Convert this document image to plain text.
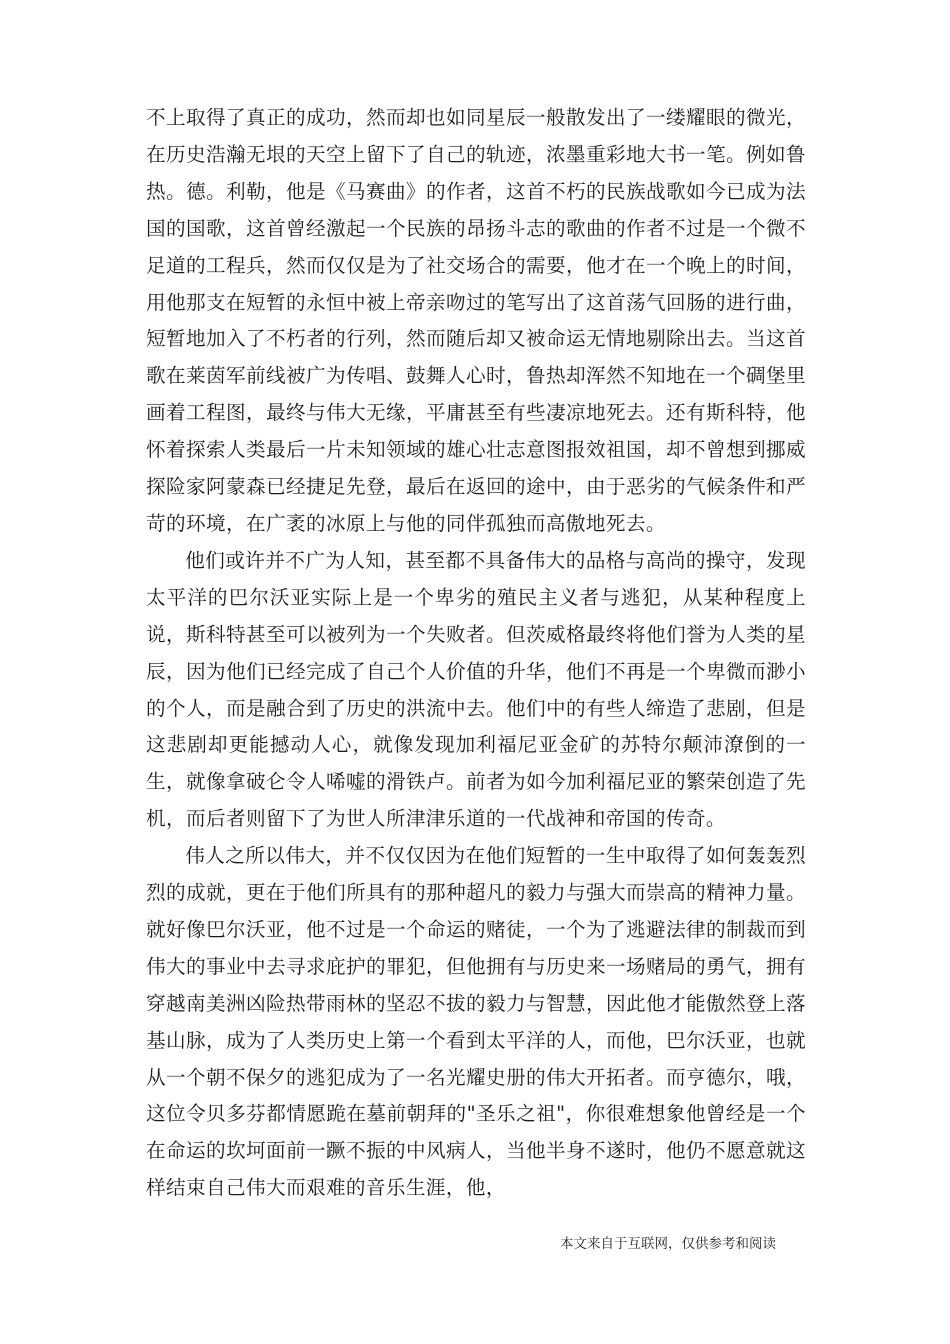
不上取得了真正的成功，然而却也如同星辰一般散发出了一缕耀眼的微光，在历史浩瀚无垠的天空上留下了自己的轨迹，浓墨重彩地大书一笔。例如鲁热。德。利勒，他是《马赛曲》的作者，这首不朽的民族战歌如今已成为法国的国歌，这首曾经激起一个民族的昂扬斗志的歌曲的作者不过是一个微不足道的工程兵，然而仅仅是为了社交场合的需要，他才在一个晚上的时间，用他那支在短暂的永恒中被上帝亲吻过的笔写出了这首荡气回肠的进行曲，短暂地加入了不朽者的行列，然而随后却又被命运无情地剔除出去。当这首歌在莱茵军前线被广为传唱、鼓舞人心时，鲁热却浑然不知地在一个碉堡里画着工程图，最终与伟大无缘，平庸甚至有些凄凉地死去。还有斯科特，他怀着探索人类最后一片未知领域的雄心壮志意图报效祖国，却不曾想到挪威探险家阿蒙森已经捷足先登，最后在返回的途中，由于恶劣的气候条件和严苛的环境，在广袤的冰原上与他的同伴孤独而高傲地死去。

他们或许并不广为人知，甚至都不具备伟大的品格与高尚的操守，发现太平洋的巴尔沃亚实际上是一个卑劣的殖民主义者与逃犯，从某种程度上说，斯科特甚至可以被列为一个失败者。但茨威格最终将他们誉为人类的星辰，因为他们已经完成了自己个人价值的升华，他们不再是一个卑微而渺小的个人，而是融合到了历史的洪流中去。他们中的有些人缔造了悲剧，但是这悲剧却更能撼动人心，就像发现加利福尼亚金矿的苏特尔颠沛潦倒的一生，就像拿破仑令人唏嘘的滑铁卢。前者为如今加利福尼亚的繁荣创造了先机，而后者则留下了为世人所津津乐道的一代战神和帝国的传奇。

伟人之所以伟大，并不仅仅因为在他们短暂的一生中取得了如何轰轰烈烈的成就，更在于他们所具有的那种超凡的毅力与强大而崇高的精神力量。就好像巴尔沃亚，他不过是一个命运的赌徒，一个为了逃避法律的制裁而到伟大的事业中去寻求庇护的罪犯，但他拥有与历史来一场赌局的勇气，拥有穿越南美洲凶险热带雨林的坚忍不拔的毅力与智慧，因此他才能傲然登上落基山脉，成为了人类历史上第一个看到太平洋的人，而他，巴尔沃亚，也就从一个朝不保夕的逃犯成为了一名光耀史册的伟大开拓者。而亨德尔，哦，这位令贝多芬都情愿跪在墓前朝拜的"圣乐之祖"，你很难想象他曾经是一个在命运的坎坷面前一蹶不振的中风病人，当他半身不遂时，他仍不愿意就这样结束自己伟大而艰难的音乐生涯，他，

本文来自于互联网，仅供参考和阅读
